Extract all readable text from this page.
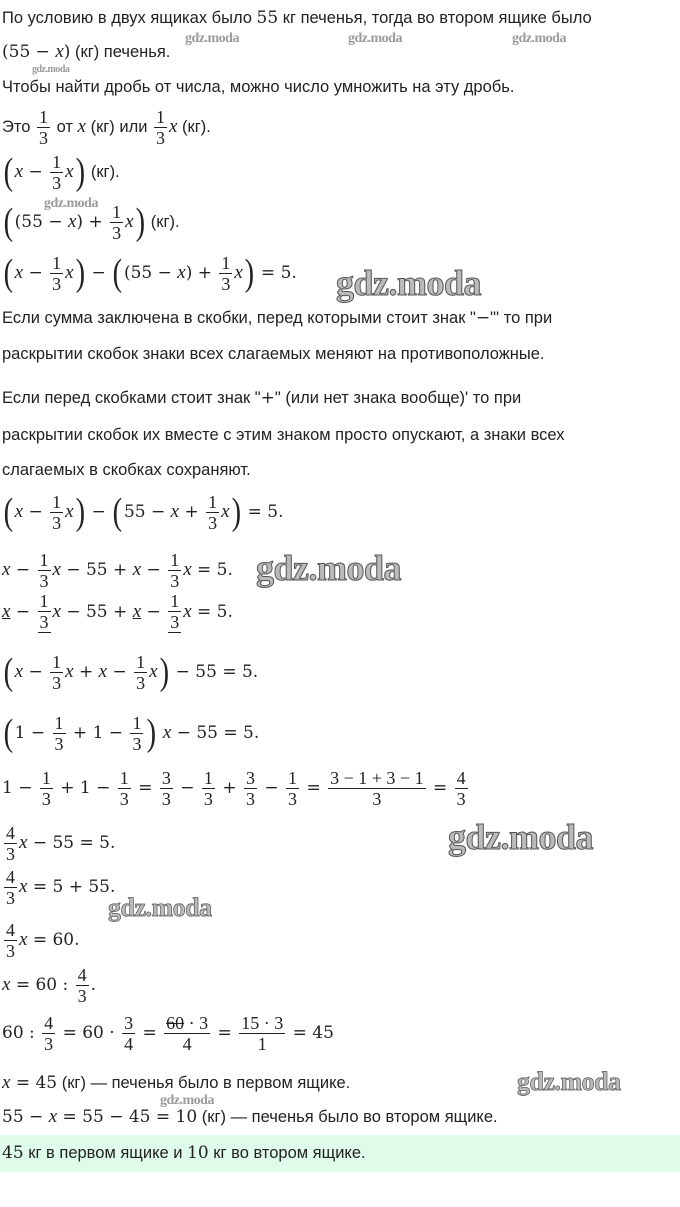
По условию в двух ящиках было 55 кг печенья, тогда во втором ящике было
(55 − x ) (кг) печенья.
Чтобы найти дробь от числа, можно число умножить на эту дробь.
Это $\frac{1}{3}$ от x (кг) или $\frac{1}{3}$ x (кг).
( $x - \frac{1}{3}$ x ) (кг).
( (55 − x ) + $\frac{1}{3}$ x ) (кг).
( $x - \frac{1}{3}$ x ) − ( (55 − x ) + $\frac{1}{3}$ x ) = 5.
Если сумма заключена в скобки, перед которыми стоит знак " − "' то при
раскрытии скобок знаки всех слагаемых меняют на противоположные.
Если перед скобками стоит знак " + " (или нет знака вообще)' то при
раскрытии скобок их вместе с этим знаком просто опускают, а знаки всех
слагаемых в скобках сохраняют.
( $x - \frac{1}{3}$ x ) − ( $55 - x + \frac{1}{3}$ x ) = 5.
$x - \frac{1}{3}$ $x - 55 + x - \frac{1}{3}$ x = 5.
$x - \frac{1}{3}$ $x - 55 + x - \frac{1}{3}$ x = 5.
( $x - \frac{1}{3}$ $x + x - \frac{1}{3}$ x ) − 55 = 5.
( $1 - \frac{1}{3} + 1 - \frac{1}{3}$ ) x − 55 = 5.
$1 - \frac{1}{3} + 1 - \frac{1}{3} = \frac{3}{3} - \frac{1}{3} + \frac{3}{3} - \frac{1}{3} = \frac{3 - 1 + 3 - 1}{3} = \frac{4}{3}$
$\frac{4}{3}$ x − 55 = 5.
$\frac{4}{3}$ x = 5 + 55.
$\frac{4}{3}$ x = 60.
x = 60 : $\frac{4}{3}$ .
60 : $\frac{4}{3} = 60 \cdot \frac{3}{4} = \frac{60 \cdot 3}{4} = \frac{15 \cdot 3}{1} = 45$
x = 45 (кг) — печенья было в первом ящике.
55 − x = 55 − 45 = 10 (кг) — печенья было во втором ящике.
45 кг в первом ящике и 10 кг во втором ящике.
gdz.moda	gdz.moda	gdz.moda
gdz.moda
gdz.moda
gdz.moda
gdz.moda
gdz.moda
gdz.moda
gdz.moda
gdz.moda
